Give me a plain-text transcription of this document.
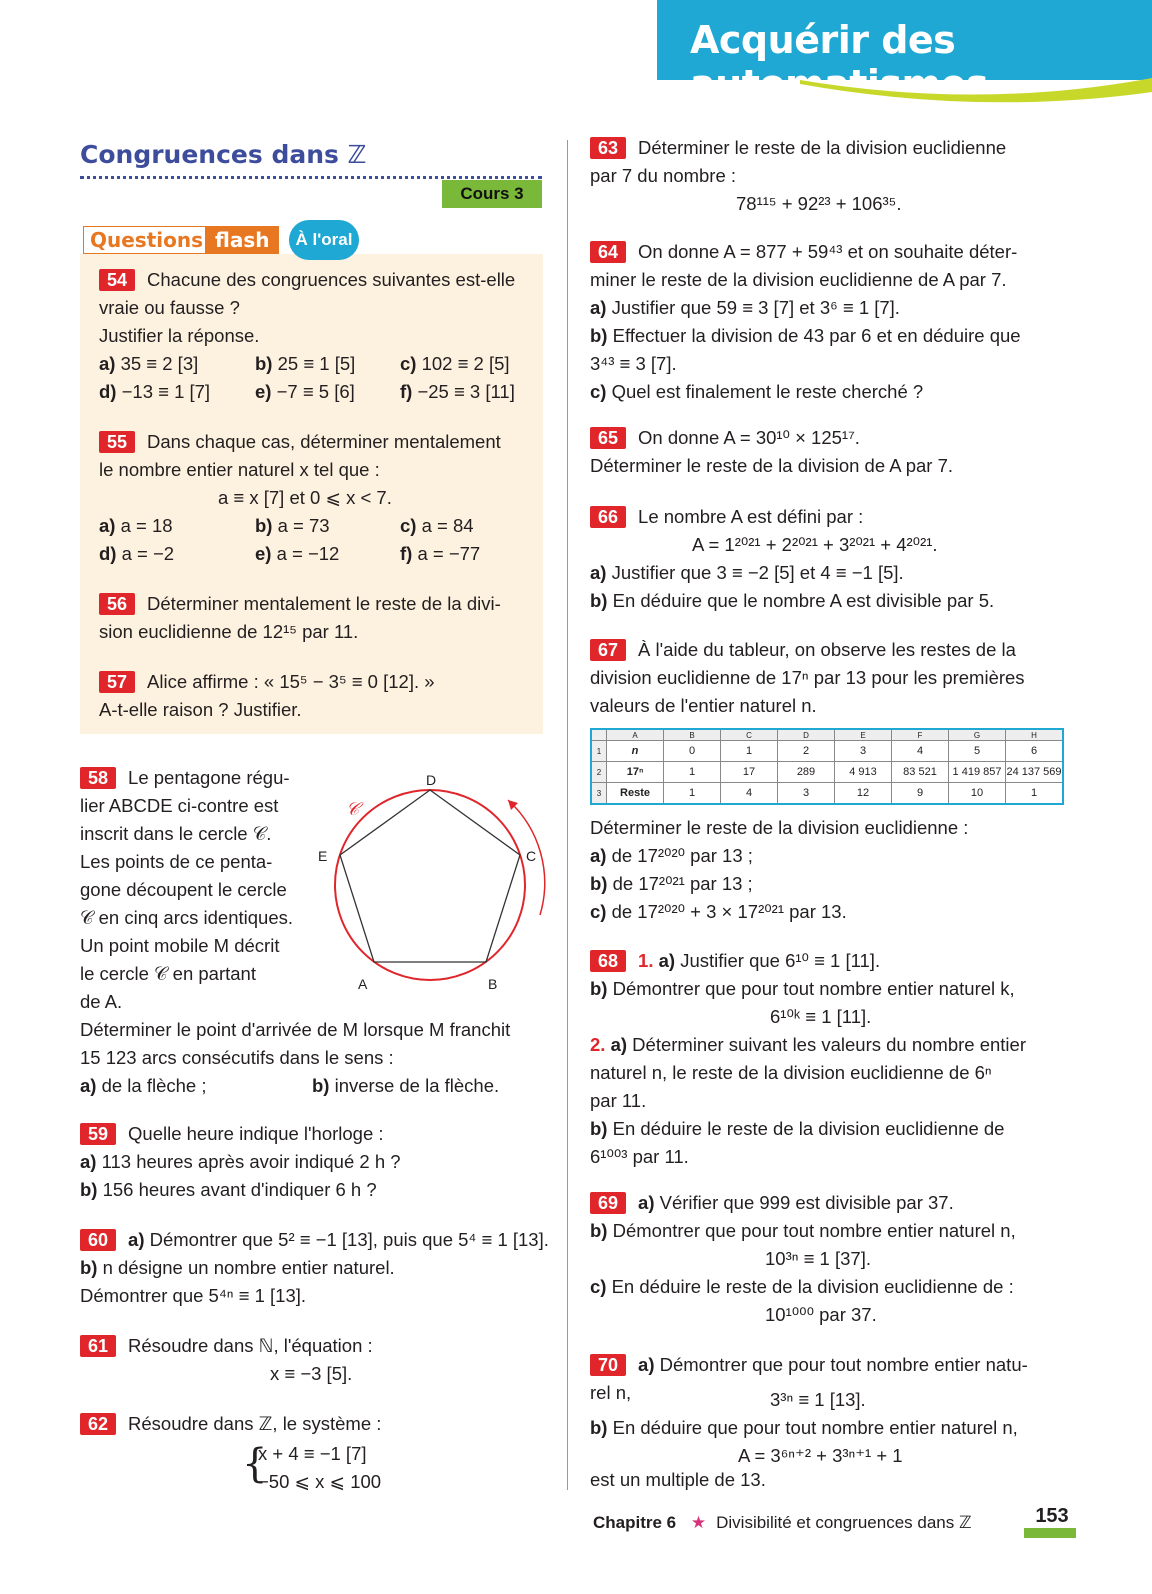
Acquérir des automatismes
Congruences dans ℤ
Cours 3
Questions flash	À l'oral
54 Chacune des congruences suivantes est-elle
vraie ou fausse ?
Justifier la réponse.
a) 35 ≡ 2 [3]	b) 25 ≡ 1 [5] c) 102 ≡ 2 [5]
d) −13 ≡ 1 [7] e) −7 ≡ 5 [6] f) −25 ≡ 3 [11]
55 Dans chaque cas, déterminer mentalement
le nombre entier naturel x tel que :
a ≡ x [7] et 0 ⩽ x < 7.
a) a = 18	b) a = 73	c) a = 84
d) a = −2	e) a = −12	f) a = −77
56 Déterminer mentalement le reste de la divi-
sion euclidienne de 12¹⁵ par 11.
57 Alice affirme : « 15⁵ − 3⁵ ≡ 0 [12]. »
A-t-elle raison ? Justifier.
58 Le pentagone régu-
lier ABCDE ci-contre est
inscrit dans le cercle 𝒞.
Les points de ce penta-
gone découpent le cercle
𝒞 en cinq arcs identiques.
Un point mobile M décrit
le cercle 𝒞 en partant
de A.
Déterminer le point d'arrivée de M lorsque M franchit
15 123 arcs consécutifs dans le sens :
a) de la flèche ;	b) inverse de la flèche.
D
C
E
A	B
𝒞
59 Quelle heure indique l'horloge :
a) 113 heures après avoir indiqué 2 h ?
b) 156 heures avant d'indiquer 6 h ?
60 a) Démontrer que 5² ≡ −1 [13], puis que 5⁴ ≡ 1 [13].
b) n désigne un nombre entier naturel.
Démontrer que 5⁴ⁿ ≡ 1 [13].
61 Résoudre dans ℕ, l'équation :
x ≡ −3 [5].
62 Résoudre dans ℤ, le système :
{
x + 4 ≡ −1 [7]
−50 ⩽ x ⩽ 100
63 Déterminer le reste de la division euclidienne
par 7 du nombre :
78¹¹⁵ + 92²³ + 106³⁵.
64 On donne A = 877 + 59⁴³ et on souhaite déter-
miner le reste de la division euclidienne de A par 7.
a) Justifier que 59 ≡ 3 [7] et 3⁶ ≡ 1 [7].
b) Effectuer la division de 43 par 6 et en déduire que
3⁴³ ≡ 3 [7].
c) Quel est finalement le reste cherché ?
65 On donne A = 30¹⁰ × 125¹⁷.
Déterminer le reste de la division de A par 7.
66 Le nombre A est défini par :
A = 1²⁰²¹ + 2²⁰²¹ + 3²⁰²¹ + 4²⁰²¹.
a) Justifier que 3 ≡ −2 [5] et 4 ≡ −1 [5].
b) En déduire que le nombre A est divisible par 5.
67 À l'aide du tableur, on observe les restes de la
division euclidienne de 17ⁿ par 13 pour les premières
valeurs de l'entier naturel n.
	A	B	C	D	E	F	G	H
1	n	0	1	2	3	4	5	6
2	17ⁿ	1	17	289	4 913	83 521	1 419 857	24 137 569
3	Reste	1	4	3	12	9	10	1
Déterminer le reste de la division euclidienne :
a) de 17²⁰²⁰ par 13 ;
b) de 17²⁰²¹ par 13 ;
c) de 17²⁰²⁰ + 3 × 17²⁰²¹ par 13.
68 1. a) Justifier que 6¹⁰ ≡ 1 [11].
b) Démontrer que pour tout nombre entier naturel k,
6¹⁰ᵏ ≡ 1 [11].
2. a) Déterminer suivant les valeurs du nombre entier
naturel n, le reste de la division euclidienne de 6ⁿ
par 11.
b) En déduire le reste de la division euclidienne de
6¹⁰⁰³ par 11.
69 a) Vérifier que 999 est divisible par 37.
b) Démontrer que pour tout nombre entier naturel n,
10³ⁿ ≡ 1 [37].
c) En déduire le reste de la division euclidienne de :
10¹⁰⁰⁰ par 37.
70 a) Démontrer que pour tout nombre entier natu-
rel n,	3³ⁿ ≡ 1 [13].
b) En déduire que pour tout nombre entier naturel n,
A = 3⁶ⁿ⁺² + 3³ⁿ⁺¹ + 1
est un multiple de 13.
Chapitre 6 ★ Divisibilité et congruences dans ℤ	153
